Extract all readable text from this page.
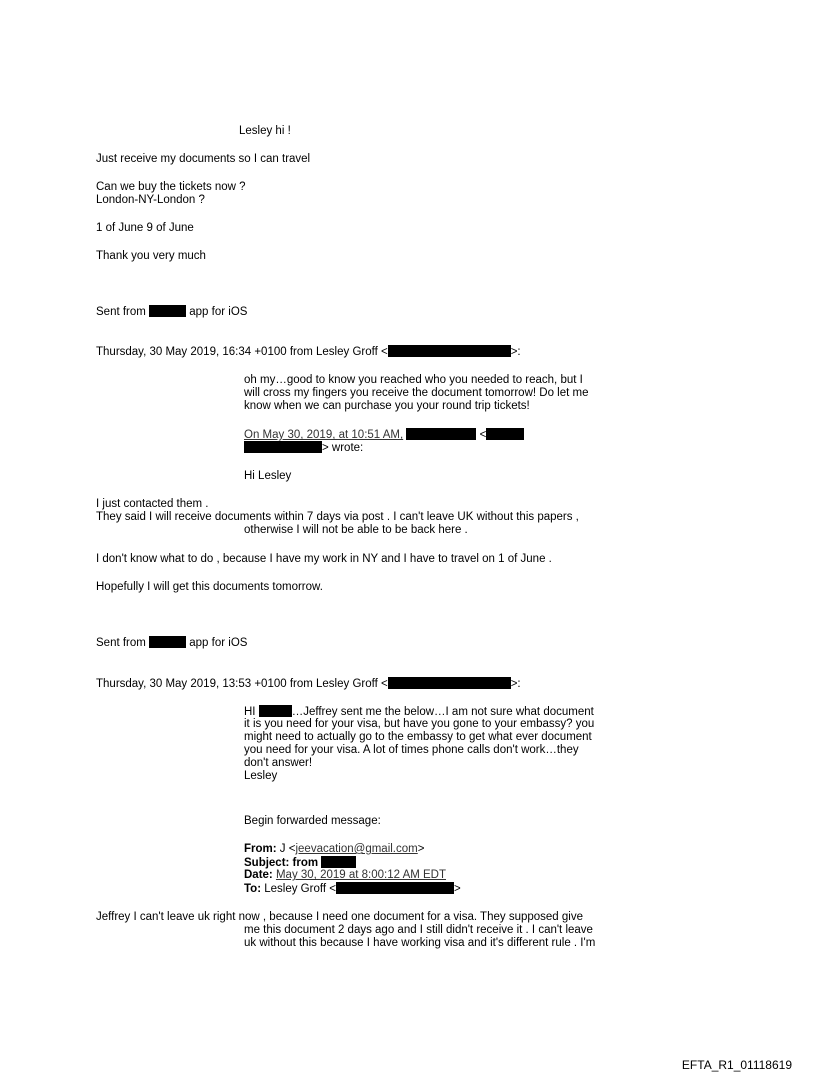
Lesley hi !
Just receive my documents so I can travel
Can we buy the tickets now ?
London-NY-London ?
1 of June 9 of June
Thank you very much
Sent from	app for iOS
Thursday, 30 May 2019, 16:34 +0100 from Lesley Groff <	>:
oh my…good to know you reached who you needed to reach, but I
will cross my fingers you receive the document tomorrow! Do let me
know when we can purchase you your round trip tickets!
On May 30, 2019, at 10:51 AM,	<
> wrote:
Hi Lesley
I just contacted them .
They said I will receive documents within 7 days via post . I can't leave UK without this papers ,
otherwise I will not be able to be back here .
I don't know what to do , because I have my work in NY and I have to travel on 1 of June .
Hopefully I will get this documents tomorrow.
Sent from	app for iOS
Thursday, 30 May 2019, 13:53 +0100 from Lesley Groff <	>:
HI	…Jeffrey sent me the below…I am not sure what document
it is you need for your visa, but have you gone to your embassy? you
might need to actually go to the embassy to get what ever document
you need for your visa. A lot of times phone calls don't work…they
don't answer!
Lesley
Begin forwarded message:
From: J <jeevacation@gmail.com>
Subject: from
Date: May 30, 2019 at 8:00:12 AM EDT
To: Lesley Groff <	>
Jeffrey I can't leave uk right now , because I need one document for a visa. They supposed give
me this document 2 days ago and I still didn't receive it . I can't leave
uk without this because I have working visa and it's different rule . I'm
EFTA_R1_01118619
